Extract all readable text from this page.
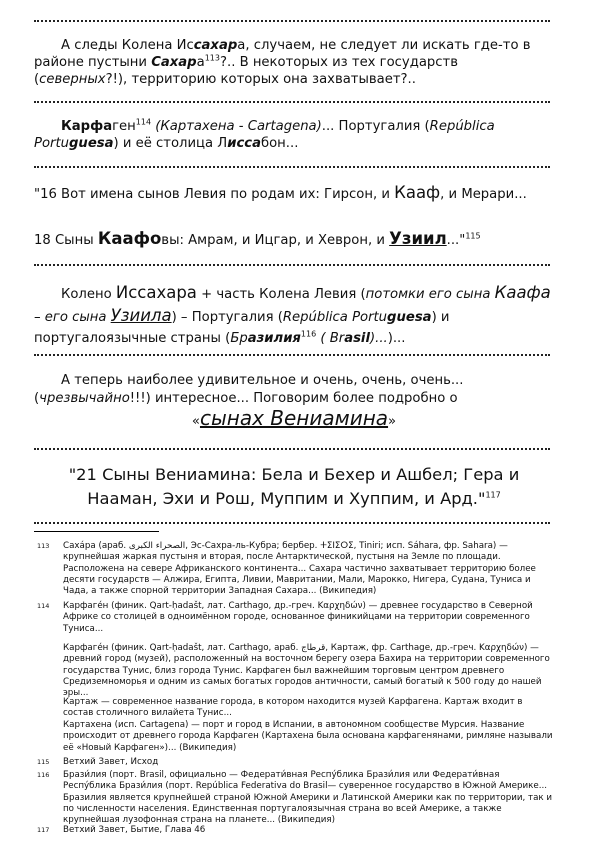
А следы Колена Иссахара, случаем, не следует ли искать где-то в районе пустыни Сахара$^{113}$?.. В некоторых из тех государств (северных?!), территорию которых она захватывает?..

Карфаген$^{114}$ (Картахена - Cartagena)... Португалия (República Portuguesa) и её столица Лиссабон...

"16 Вот имена сынов Левия по родам их: Гирсон, и Кааф, и Мерари...

18 Сыны Каафовы: Амрам, и Ицгар, и Хеврон, и Узиил..."$^{115}$

Колено Иссахара + часть Колена Левия (потомки его сына Каафа – его сына Узиила) – Португалия (República Portuguesa) и португалоязычные страны (Бразилия$^{116}$ ( Brasil)...)...

А теперь наиболее удивительное и очень, очень, очень... (чрезвычайно!!!) интересное... Поговорим более подробно о

«сынах Вениамина»

"21 Сыны Вениамина: Бела и Бехер и Ашбел; Гера и Нааман, Эхи и Рош, Муппим и Хуппим, и Ард."$^{117}$

113 Сахáра (араб. الصحراء الكبرى, Эс-Сахра-ль-Кубра; бербер. ⵜⵉⵏⵉⵔⵉ, Tiniri; исп. Sáhara, фр. Sahara) — крупнейшая жаркая пустыня и вторая, после Антарктической, пустыня на Земле по площади. Расположена на севере Африканского континента... Сахара частично захватывает территорию более десяти государств — Алжира, Египта, Ливии, Мавритании, Мали, Марокко, Нигера, Судана, Туниса и Чада, а также спорной территории Западная Сахара... (Википедия)
114 Карфаге́н (финик. Qart-ḥadašt, лат. Carthago, др.-греч. Καρχηδών) — древнее государство в Северной Африке со столицей в одноимённом городе, основанное финикийцами на территории современного Туниса...
Карфаге́н (финик. Qart-ḥadašt, лат. Carthago, араб. قرطاج, Картаж, фр. Carthage, др.-греч. Καρχηδών) — древний город (музей), расположенный на восточном берегу озера Бахира на территории современного государства Тунис, близ города Тунис. Карфаген был важнейшим торговым центром древнего Средиземноморья и одним из самых богатых городов античности, самый богатый к 500 году до нашей эры...
Картаж — современное название города, в котором находится музей Карфагена. Картаж входит в состав столичного вилайета Тунис...
Картахена (исп. Cartagena) — порт и город в Испании, в автономном сообществе Мурсия. Название происходит от древнего города Карфаген (Картахена была основана карфагенянами, римляне называли её «Новый Карфаген»)... (Википедия)
115 Ветхий Завет, Исход
116 Брази́лия (порт. Brasil, официально — Федерати́вная Респу́блика Брази́лия или Федерати́вная Респу́блика Брази́лия (порт. República Federativa do Brasil— суверенное государство в Южной Америке... Бразилия является крупнейшей страной Южной Америки и Латинской Америки как по территории, так и по численности населения. Единственная португалоязычная страна во всей Америке, а также крупнейшая лузофонная страна на планете... (Википедия)
117 Ветхий Завет, Бытие, Глава 46
